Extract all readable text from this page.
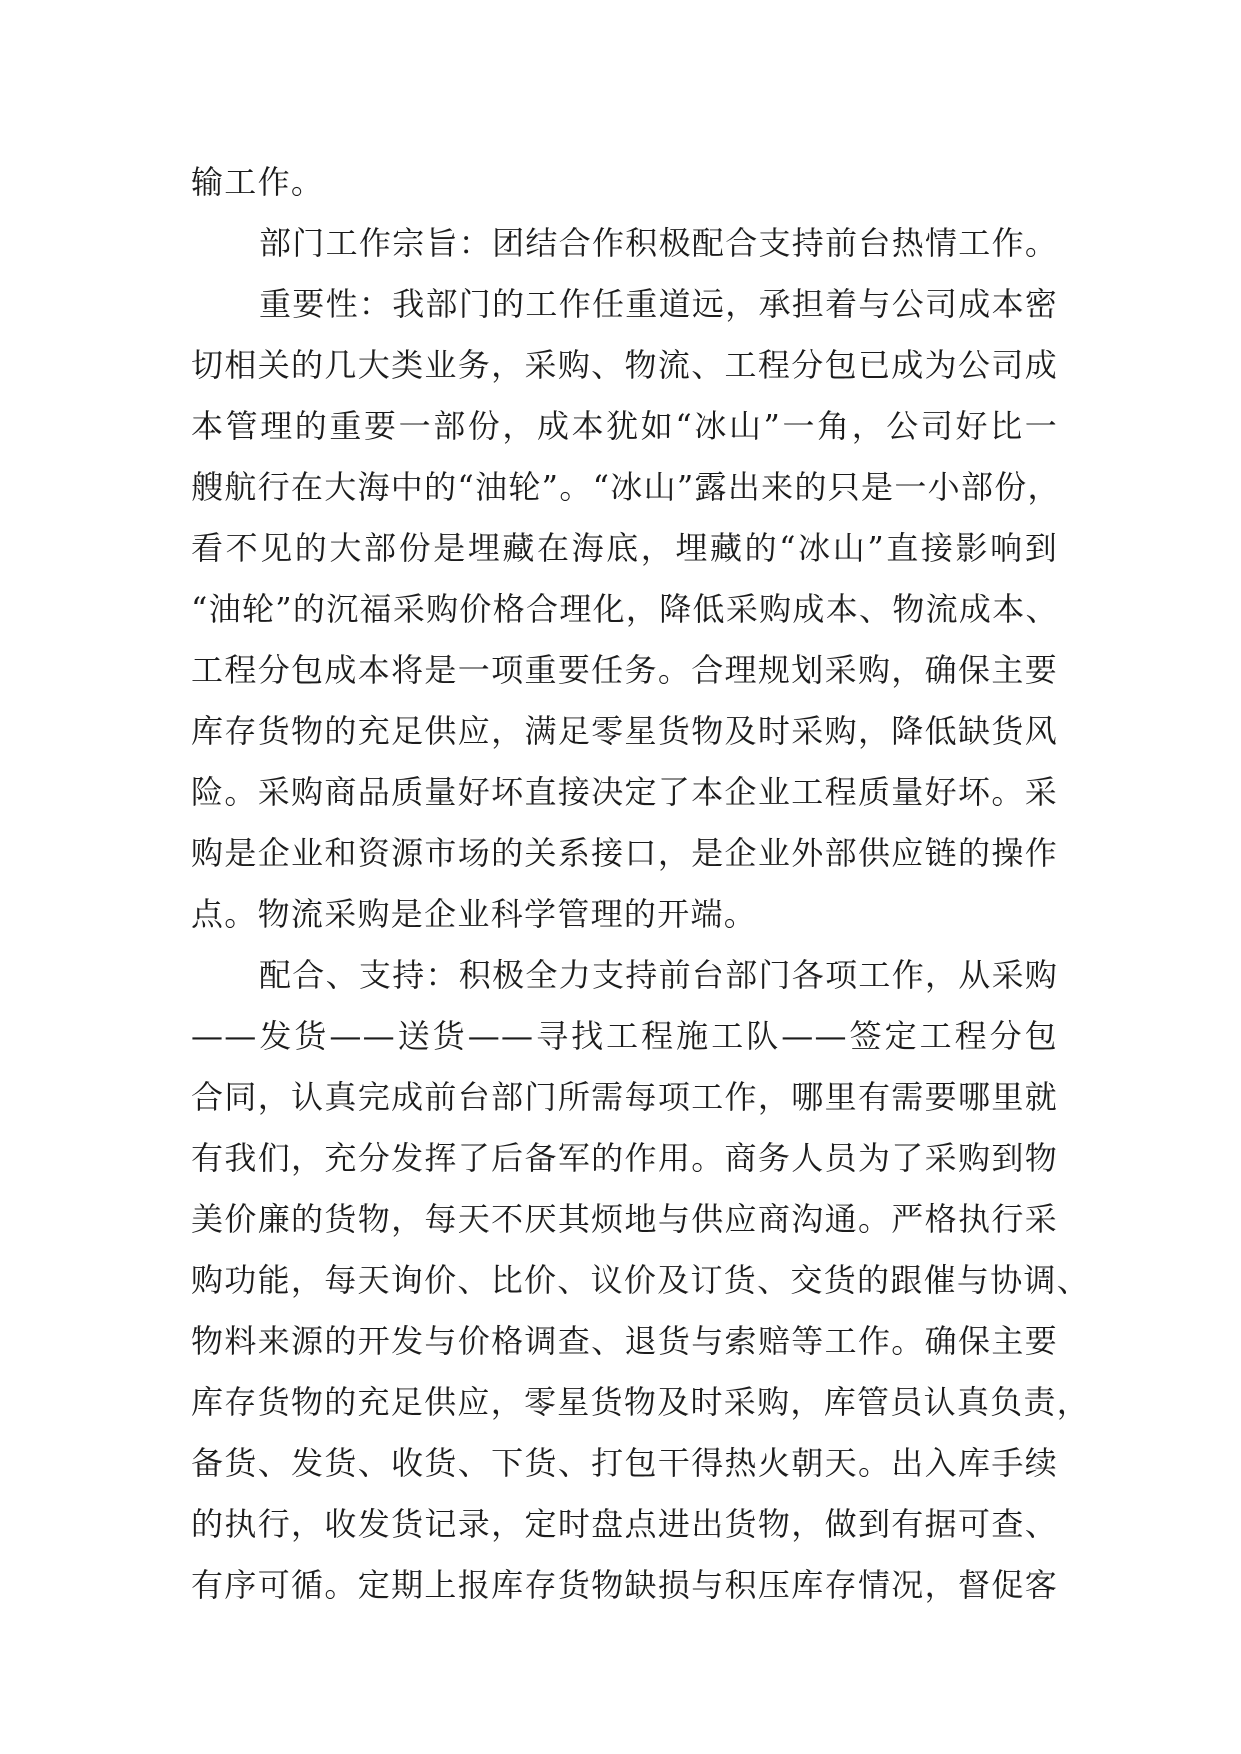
输工作。
部门工作宗旨：团结合作积极配合支持前台热情工作。
重要性：我部门的工作任重道远，承担着与公司成本密
切相关的几大类业务，采购、物流、工程分包已成为公司成
本管理的重要一部份，成本犹如“冰山”一角，公司好比一
艘航行在大海中的“油轮”。“冰山”露出来的只是一小部份，
看不见的大部份是埋藏在海底，埋藏的“冰山”直接影响到
“油轮”的沉福采购价格合理化，降低采购成本、物流成本、
工程分包成本将是一项重要任务。合理规划采购，确保主要
库存货物的充足供应，满足零星货物及时采购，降低缺货风
险。采购商品质量好坏直接决定了本企业工程质量好坏。采
购是企业和资源市场的关系接口，是企业外部供应链的操作
点。物流采购是企业科学管理的开端。
配合、支持：积极全力支持前台部门各项工作，从采购
——发货——送货——寻找工程施工队——签定工程分包
合同，认真完成前台部门所需每项工作，哪里有需要哪里就
有我们，充分发挥了后备军的作用。商务人员为了采购到物
美价廉的货物，每天不厌其烦地与供应商沟通。严格执行采
购功能，每天询价、比价、议价及订货、交货的跟催与协调、
物料来源的开发与价格调查、退货与索赔等工作。确保主要
库存货物的充足供应，零星货物及时采购，库管员认真负责，
备货、发货、收货、下货、打包干得热火朝天。出入库手续
的执行，收发货记录，定时盘点进出货物，做到有据可查、
有序可循。定期上报库存货物缺损与积压库存情况，督促客
